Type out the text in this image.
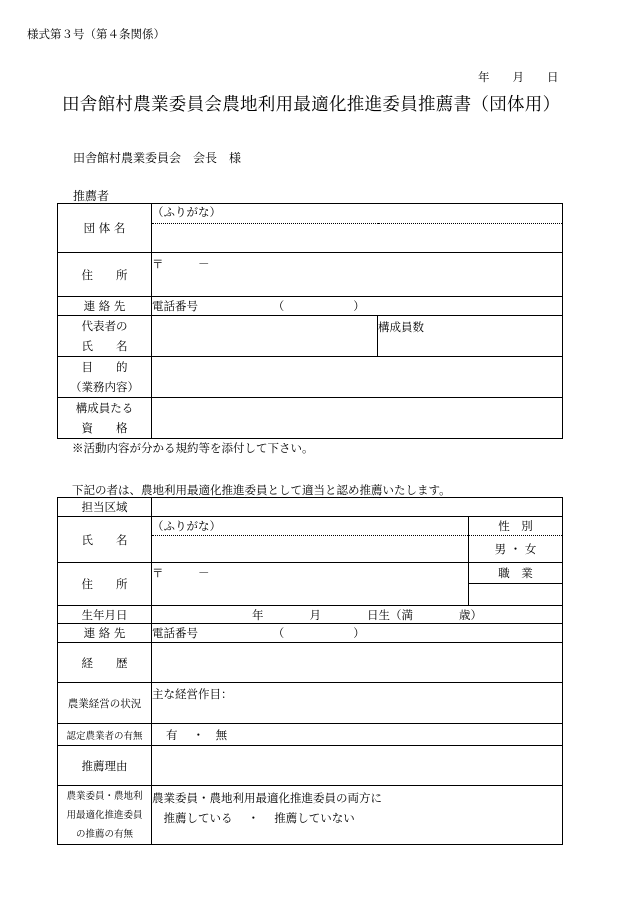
様式第３号（第４条関係）
年　　月　　日
田舎館村農業委員会農地利用最適化推進委員推薦書（団体用）
田舎館村農業委員会　会長　様
推薦者
団 体 名	（ふりがな）	

住　　所	〒　　　－	
連 絡 先	電話番号　　　　　　　（　　　　　　）	

代表者の
氏　　名		構成員数

目　　的
（業務内容）		

構成員たる
資　　格		

※活動内容が分かる規約等を添付して下さい。
下記の者は、農地利用最適化推進委員として適当と認め推薦いたします。
担当区域		
氏　　名	（ふりがな）	性　別
		男 ・ 女
住　　所	〒　　　－	職　業

生年月日	年　　　　月　　　　日生（満　　　　歳）	
連 絡 先	電話番号　　　　　　　（　　　　　　）	
経　　歴		
農業経営の状況	主な経営作目：	
認定農業者の有無	有　 ・　無	
推薦理由		

農業委員・農地利
用最適化推進委員
の推薦の有無	農業委員・農地利用最適化推進委員の両方に
　推薦している　 ・ 　推薦していない	
